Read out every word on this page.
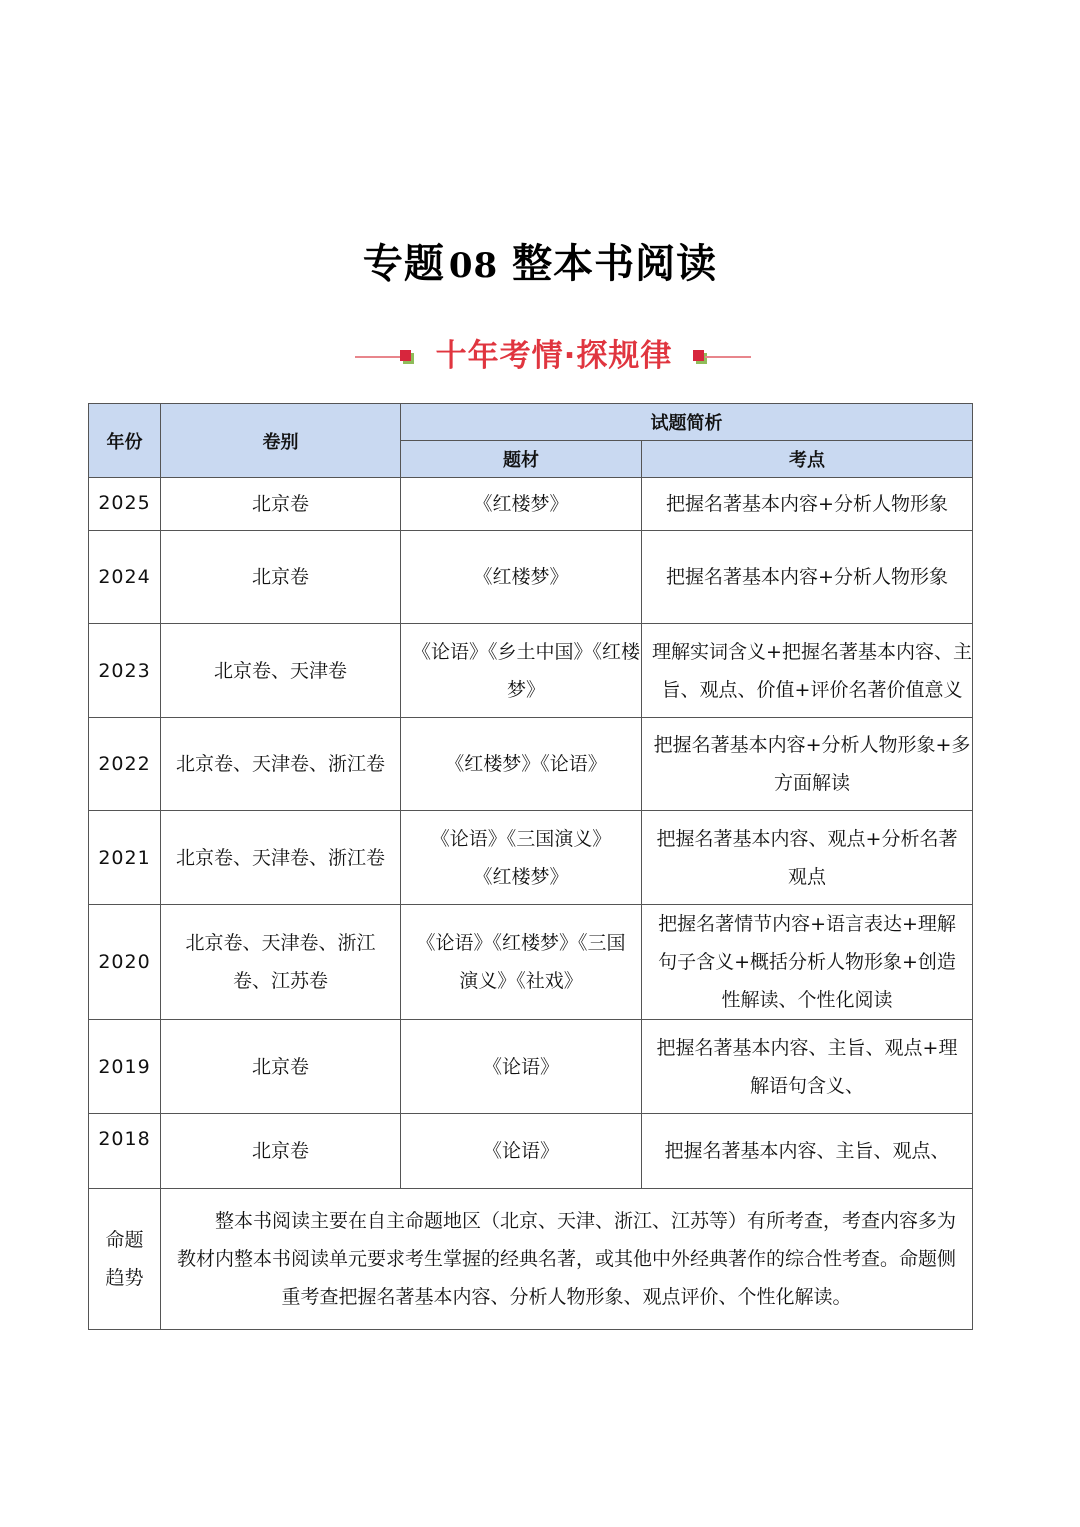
专题 08 整本书阅读
十年考情·探规律
年份	卷别	试题简析	
		题材	考点
2025	北京卷	《红楼梦》	把握名著基本内容+分析人物形象
2024	北京卷	《红楼梦》	把握名著基本内容+分析人物形象
2023	北京卷、天津卷	《论语》《乡土中国》《红楼梦》	理解实词含义+把握名著基本内容、主旨、观点、价值+评价名著价值意义
2022	北京卷、天津卷、浙江卷	《红楼梦》《论语》	把握名著基本内容+分析人物形象+多方面解读
2021	北京卷、天津卷、浙江卷	《论语》《三国演义》《红楼梦》	把握名著基本内容、观点+分析名著观点
2020	北京卷、天津卷、浙江卷、江苏卷	《论语》《红楼梦》《三国演义》《社戏》	把握名著情节内容+语言表达+理解句子含义+概括分析人物形象+创造性解读、个性化阅读
2019	北京卷	《论语》	把握名著基本内容、主旨、观点+理解语句含义、
2018	北京卷	《论语》	把握名著基本内容、主旨、观点、
命题趋势	整本书阅读主要在自主命题地区（北京、天津、浙江、江苏等）有所考查，考查内容多为教材内整本书阅读单元要求考生掌握的经典名著，或其他中外经典著作的综合性考查。命题侧重考查把握名著基本内容、分析人物形象、观点评价、个性化解读。		
